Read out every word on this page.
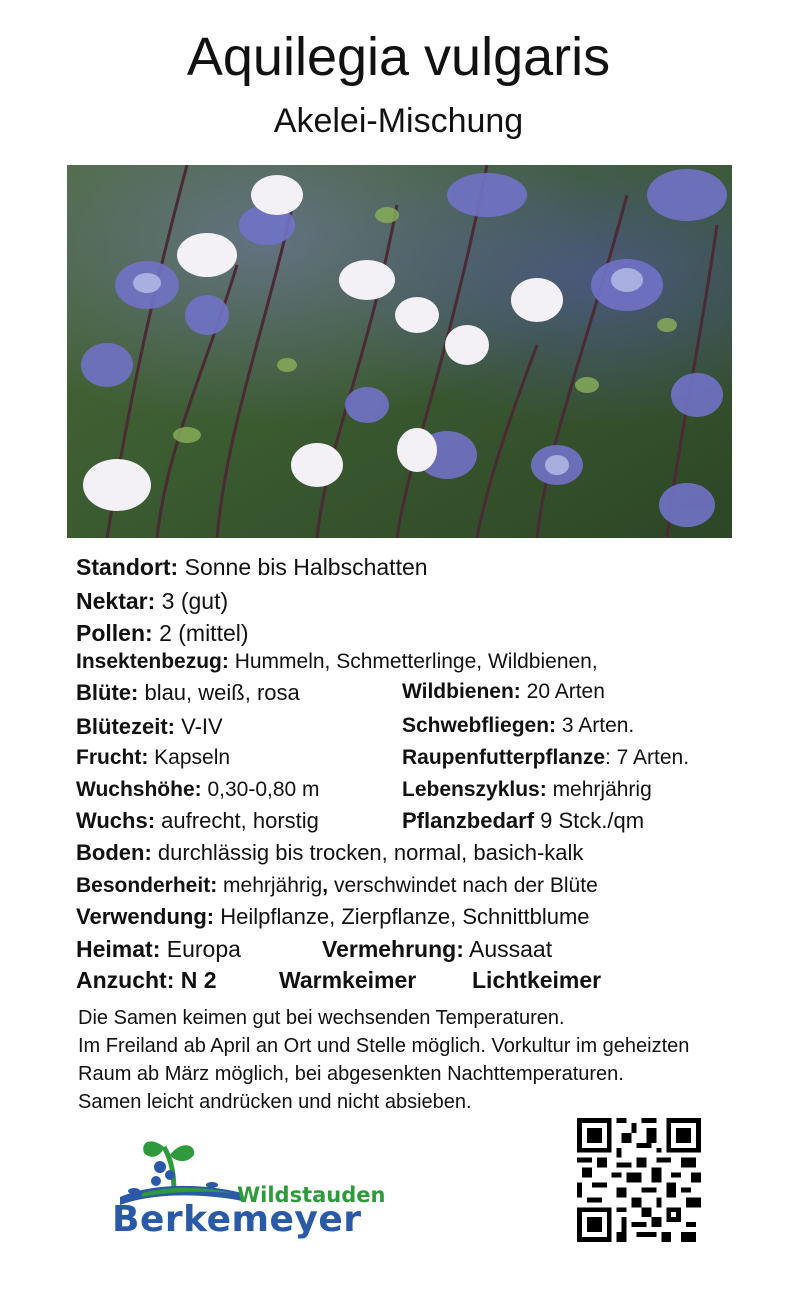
Aquilegia vulgaris
Akelei-Mischung
Standort: Sonne bis Halbschatten
Nektar: 3 (gut)
Pollen: 2 (mittel)
Insektenbezug: Hummeln, Schmetterlinge, Wildbienen,
Blüte: blau, weiß, rosa	Wildbienen: 20 Arten
Blütezeit: V-IV	Schwebfliegen: 3 Arten.
Frucht: Kapseln	Raupenfutterpflanze: 7 Arten.
Wuchshöhe: 0,30-0,80 m	Lebenszyklus: mehrjährig
Wuchs: aufrecht, horstig	Pflanzbedarf 9 Stck./qm
Boden: durchlässig bis trocken, normal, basich-kalk
Besonderheit: mehrjährig, verschwindet nach der Blüte
Verwendung: Heilpflanze, Zierpflanze, Schnittblume
Heimat: Europa	Vermehrung: Aussaat
Anzucht: N 2	Warmkeimer Lichtkeimer
Die Samen keimen gut bei wechsenden Temperaturen.
Im Freiland ab April an Ort und Stelle möglich. Vorkultur im geheizten
Raum ab März möglich, bei abgesenkten Nachttemperaturen.
Samen leicht andrücken und nicht absieben.
Wildstauden
Berkemeyer
